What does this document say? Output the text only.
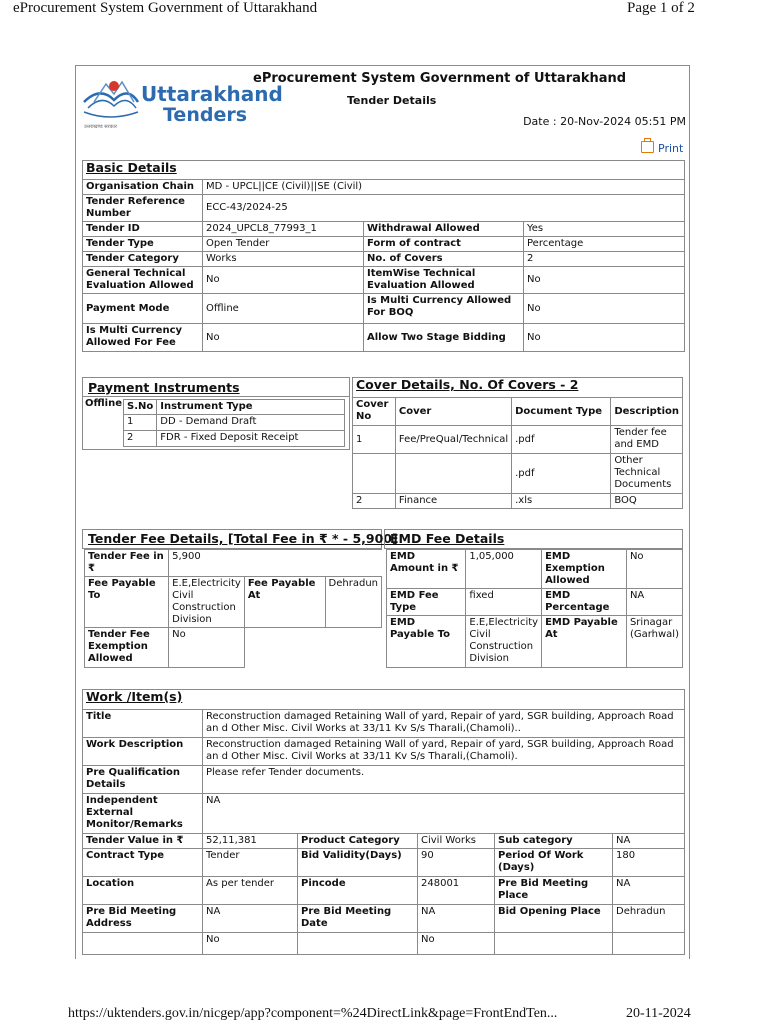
eProcurement System Government of Uttarakhand	Page 1 of 2
https://uktenders.gov.in/nicgep/app?component=%24DirectLink&page=FrontEndTen...	20-11-2024
Uttarakhand
Tenders
उत्तराखण्ड सरकार
eProcurement System Government of Uttarakhand
Tender Details
Date : 20-Nov-2024 05:51 PM
Print
Basic Details			
Organisation Chain	MD - UPCL||CE (Civil)||SE (Civil)		
Tender Reference Number	ECC-43/2024-25		
Tender ID	2024_UPCL8_77993_1	Withdrawal Allowed	Yes
Tender Type	Open Tender	Form of contract	Percentage
Tender Category	Works	No. of Covers	2
General Technical Evaluation Allowed	No	ItemWise Technical Evaluation Allowed	No
Payment Mode	Offline	Is Multi Currency Allowed For BOQ	No
Is Multi Currency Allowed For Fee	No	Allow Two Stage Bidding	No
Payment Instruments
Offline S.No	Instrument Type
1	DD - Demand Draft
2	FDR - Fixed Deposit Receipt
Cover Details, No. Of Covers - 2			
Cover No	Cover	Document Type	Description
1	Fee/PreQual/Technical	.pdf	Tender fee and EMD
		.pdf	Other Technical Documents
2	Finance	.xls	BOQ
Tender Fee Details, [Total Fee in ₹ * - 5,900]
Tender Fee in ₹	5,900		
Fee Payable To	E.E,Electricity Civil Construction Division	Fee Payable At	Dehradun
Tender Fee Exemption Allowed	No		
EMD Fee Details
EMD Amount in ₹	1,05,000	EMD Exemption Allowed	No
EMD Fee Type	fixed	EMD Percentage	NA
EMD Payable To	E.E,Electricity Civil Construction Division	EMD Payable At	Srinagar (Garhwal)
Work /Item(s)					
Title	Reconstruction damaged Retaining Wall of yard, Repair of yard, SGR building, Approach Road an d Other Misc. Civil Works at 33/11 Kv S/s Tharali,(Chamoli)..				
Work Description	Reconstruction damaged Retaining Wall of yard, Repair of yard, SGR building, Approach Road an d Other Misc. Civil Works at 33/11 Kv S/s Tharali,(Chamoli).				
Pre Qualification Details	Please refer Tender documents.				
Independent External Monitor/Remarks	NA				
Tender Value in ₹	52,11,381	Product Category	Civil Works	Sub category	NA
Contract Type	Tender	Bid Validity(Days)	90	Period Of Work (Days)	180
Location	As per tender	Pincode	248001	Pre Bid Meeting Place	NA
Pre Bid Meeting Address	NA	Pre Bid Meeting Date	NA	Bid Opening Place	Dehradun
	No		No		
